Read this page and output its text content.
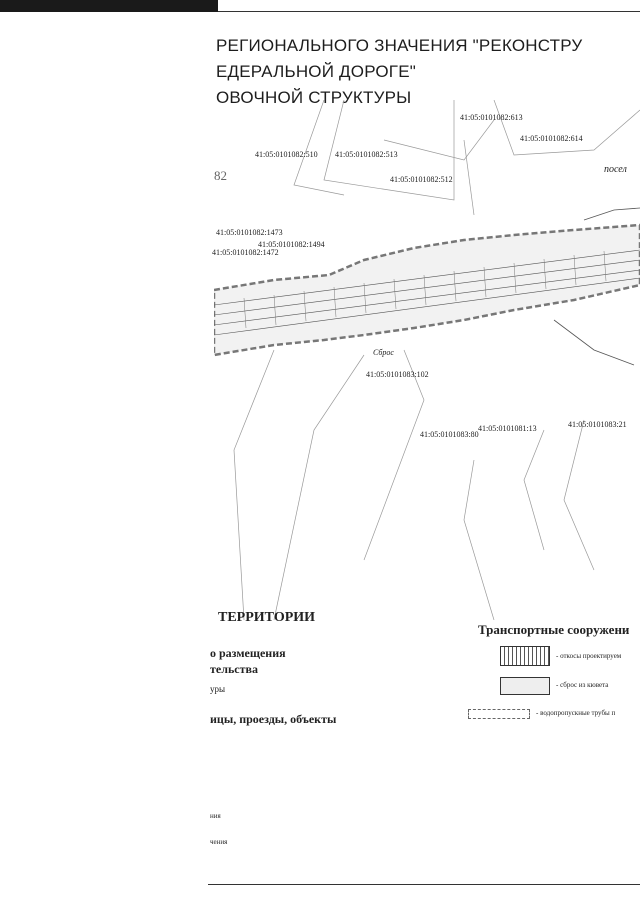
РЕГИОНАЛЬНОГО ЗНАЧЕНИЯ "РЕКОНСТРУ
ЕДЕРАЛЬНОЙ ДОРОГЕ"
ОВОЧНОЙ СТРУКТУРЫ
41:05:0101082:510 41:05:0101082:513
41:05:0101082:512
41:05:0101082:614
41:05:0101082:613
41:05:0101082:1473
41:05:0101082:1472
41:05:0101082:1494
41:05:0101083:102
41:05:0101083:80
41:05:0101081:13	41:05:0101083:21
посел
82
Сброс
ТЕРРИТОРИИ
о размещения
тельства
уры
ицы, проезды, объекты
ния
чения
Транспортные сооружени
- откосы проектируем
- сброс из кювета
- водопропускные трубы п
